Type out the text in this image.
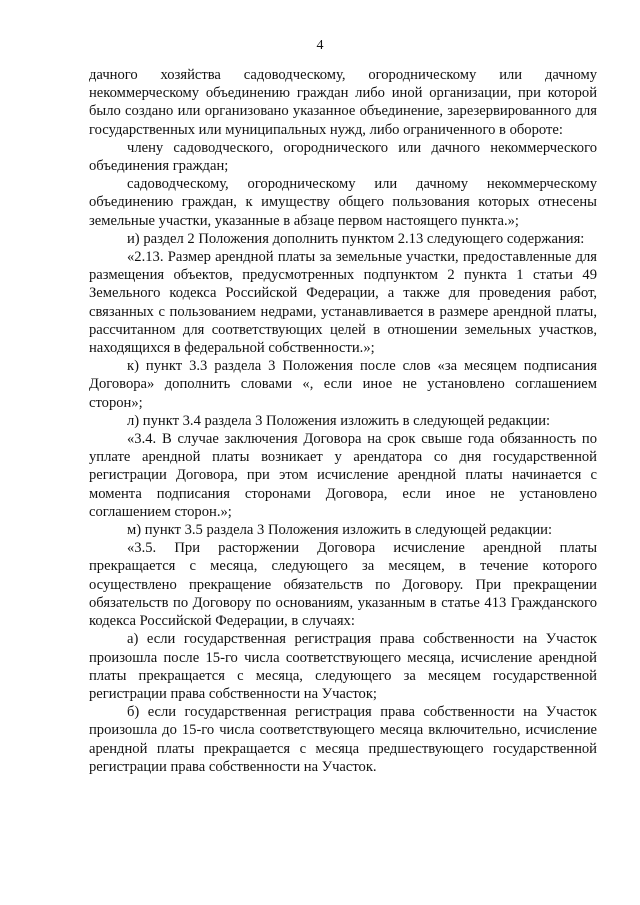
4

дачного хозяйства садоводческому, огородническому или дачному некоммерческому объединению граждан либо иной организации, при которой было создано или организовано указанное объединение, зарезервированного для государственных или муниципальных нужд, либо ограниченного в обороте:

члену садоводческого, огороднического или дачного некоммерческого объединения граждан;

садоводческому, огородническому или дачному некоммерческому объединению граждан, к имуществу общего пользования которых отнесены земельные участки, указанные в абзаце первом настоящего пункта.»;

и) раздел 2 Положения дополнить пунктом 2.13 следующего содержания:

«2.13. Размер арендной платы за земельные участки, предоставленные для размещения объектов, предусмотренных подпунктом 2 пункта 1 статьи 49 Земельного кодекса Российской Федерации, а также для проведения работ, связанных с пользованием недрами, устанавливается в размере арендной платы, рассчитанном для соответствующих целей в отношении земельных участков, находящихся в федеральной собственности.»;

к) пункт 3.3 раздела 3 Положения после слов «за месяцем подписания Договора» дополнить словами «, если иное не установлено соглашением сторон»;

л) пункт 3.4 раздела 3 Положения изложить в следующей редакции:

«3.4. В случае заключения Договора на срок свыше года обязанность по уплате арендной платы возникает у арендатора со дня государственной регистрации Договора, при этом исчисление арендной платы начинается с момента подписания сторонами Договора, если иное не установлено соглашением сторон.»;

м) пункт 3.5 раздела 3 Положения изложить в следующей редакции:

«3.5. При расторжении Договора исчисление арендной платы прекращается с месяца, следующего за месяцем, в течение которого осуществлено прекращение обязательств по Договору. При прекращении обязательств по Договору по основаниям, указанным в статье 413 Гражданского кодекса Российской Федерации, в случаях:

а) если государственная регистрация права собственности на Участок произошла после 15-го числа соответствующего месяца, исчисление арендной платы прекращается с месяца, следующего за месяцем государственной регистрации права собственности на Участок;

б) если государственная регистрация права собственности на Участок произошла до 15-го числа соответствующего месяца включительно, исчисление арендной платы прекращается с месяца предшествующего государственной регистрации права собственности на Участок.
